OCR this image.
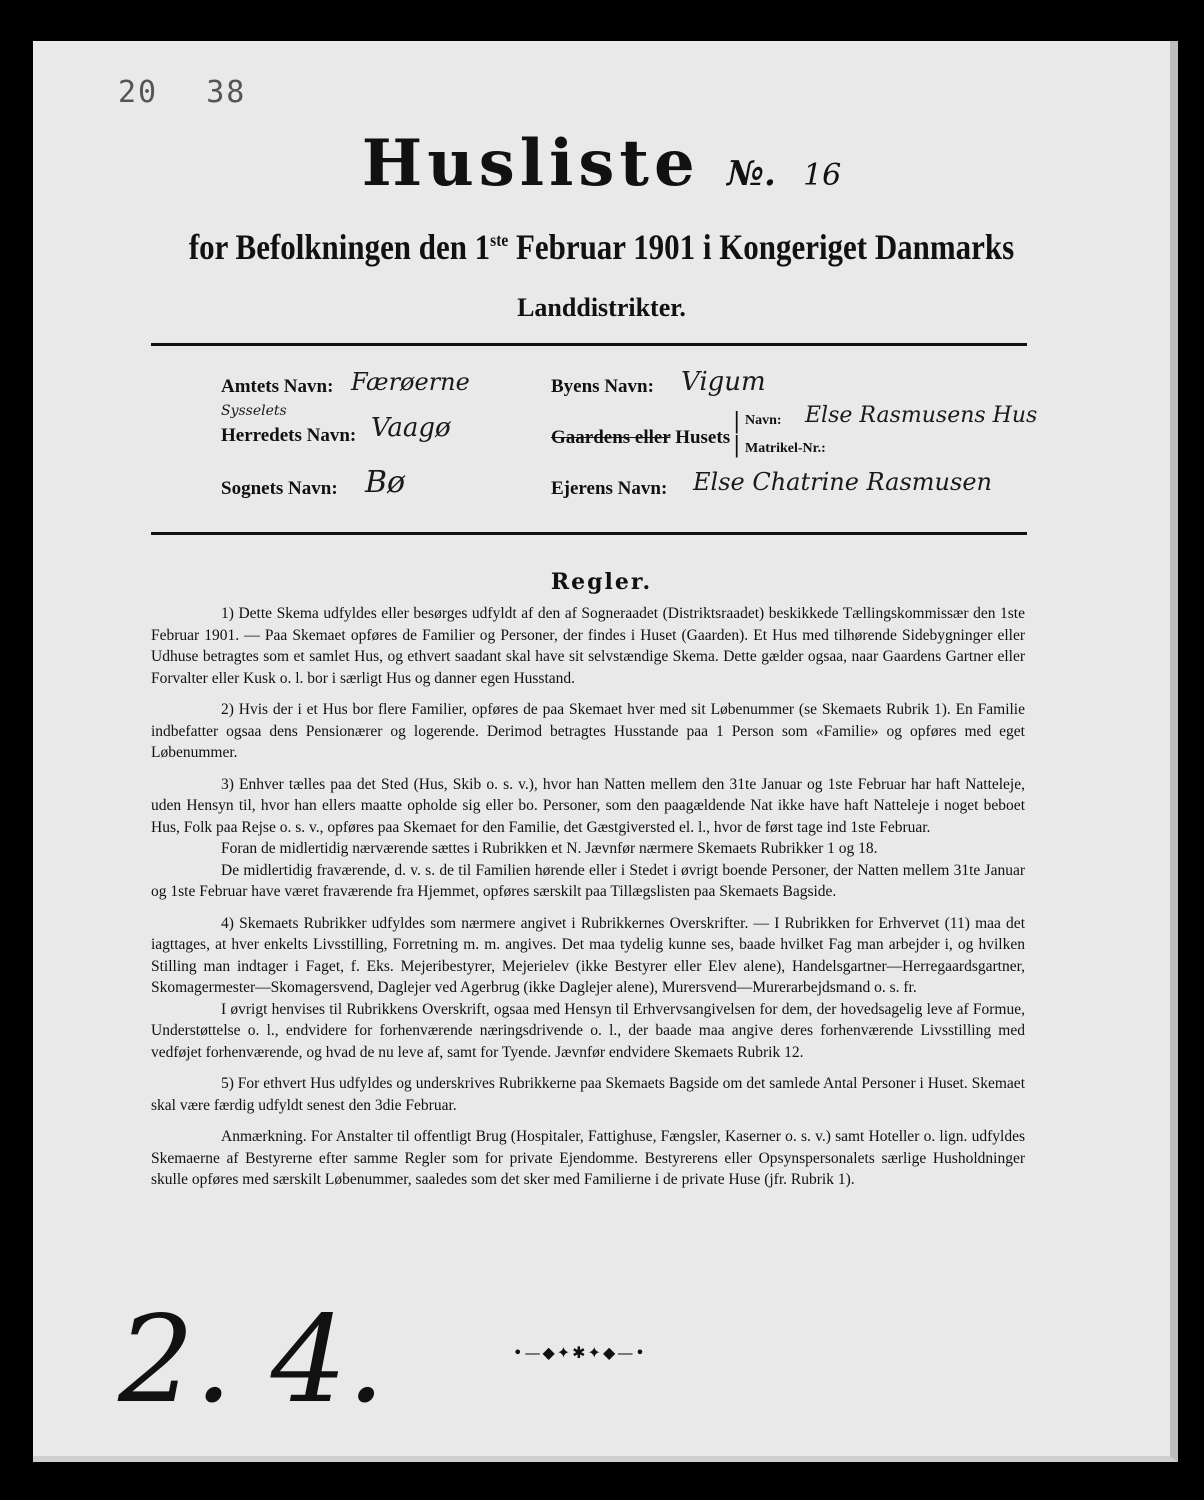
20 38
Husliste №. 16
for Befolkningen den 1ste Februar 1901 i Kongeriget Danmarks
Landdistrikter.
Amtets Navn: Færøerne	Byens Navn: Vigum
Sysselets
Herredets Navn: Vaagø	Gaardens eller Husets
|
|
Navn: Else Rasmusens Hus
Matrikel-Nr.:
Sognets Navn: Bø	Ejerens Navn: Else Chatrine Rasmusen
Regler.

1) Dette Skema udfyldes eller besørges udfyldt af den af Sogneraadet (Distriktsraadet) beskikkede Tællingskommissær den 1ste Februar 1901. — Paa Skemaet opføres de Familier og Personer, der findes i Huset (Gaarden). Et Hus med tilhørende Sidebygninger eller Udhuse betragtes som et samlet Hus, og ethvert saadant skal have sit selvstændige Skema. Dette gælder ogsaa, naar Gaardens Gartner eller Forvalter eller Kusk o. l. bor i særligt Hus og danner egen Husstand.

2) Hvis der i et Hus bor flere Familier, opføres de paa Skemaet hver med sit Løbenummer (se Skemaets Rubrik 1). En Familie indbefatter ogsaa dens Pensionærer og logerende. Derimod betragtes Husstande paa 1 Person som «Familie» og opføres med eget Løbenummer.

3) Enhver tælles paa det Sted (Hus, Skib o. s. v.), hvor han Natten mellem den 31te Januar og 1ste Februar har haft Natteleje, uden Hensyn til, hvor han ellers maatte opholde sig eller bo. Personer, som den paagældende Nat ikke have haft Natteleje i noget beboet Hus, Folk paa Rejse o. s. v., opføres paa Skemaet for den Familie, det Gæstgiversted el. l., hvor de først tage ind 1ste Februar.

Foran de midlertidig nærværende sættes i Rubrikken et N. Jævnfør nærmere Skemaets Rubrikker 1 og 18.

De midlertidig fraværende, d. v. s. de til Familien hørende eller i Stedet i øvrigt boende Personer, der Natten mellem 31te Januar og 1ste Februar have været fraværende fra Hjemmet, opføres særskilt paa Tillægslisten paa Skemaets Bagside.

4) Skemaets Rubrikker udfyldes som nærmere angivet i Rubrikkernes Overskrifter. — I Rubrikken for Erhvervet (11) maa det iagttages, at hver enkelts Livsstilling, Forretning m. m. angives. Det maa tydelig kunne ses, baade hvilket Fag man arbejder i, og hvilken Stilling man indtager i Faget, f. Eks. Mejeribestyrer, Mejerielev (ikke Bestyrer eller Elev alene), Handelsgartner—Herregaardsgartner, Skomagermester—Skomagersvend, Daglejer ved Agerbrug (ikke Daglejer alene), Murersvend—Murerarbejdsmand o. s. fr.

I øvrigt henvises til Rubrikkens Overskrift, ogsaa med Hensyn til Erhvervsangivelsen for dem, der hovedsagelig leve af Formue, Understøttelse o. l., endvidere for forhenværende næringsdrivende o. l., der baade maa angive deres forhenværende Livsstilling med vedføjet forhenværende, og hvad de nu leve af, samt for Tyende. Jævnfør endvidere Skemaets Rubrik 12.

5) For ethvert Hus udfyldes og underskrives Rubrikkerne paa Skemaets Bagside om det samlede Antal Personer i Huset. Skemaet skal være færdig udfyldt senest den 3die Februar.

Anmærkning. For Anstalter til offentligt Brug (Hospitaler, Fattighuse, Fængsler, Kaserner o. s. v.) samt Hoteller o. lign. udfyldes Skemaerne af Bestyrerne efter samme Regler som for private Ejendomme. Bestyrerens eller Opsynspersonalets særlige Husholdninger skulle opføres med særskilt Løbenummer, saaledes som det sker med Familierne i de private Huse (jfr. Rubrik 1).

•—◆✦✱✦◆—•
2. 4.
